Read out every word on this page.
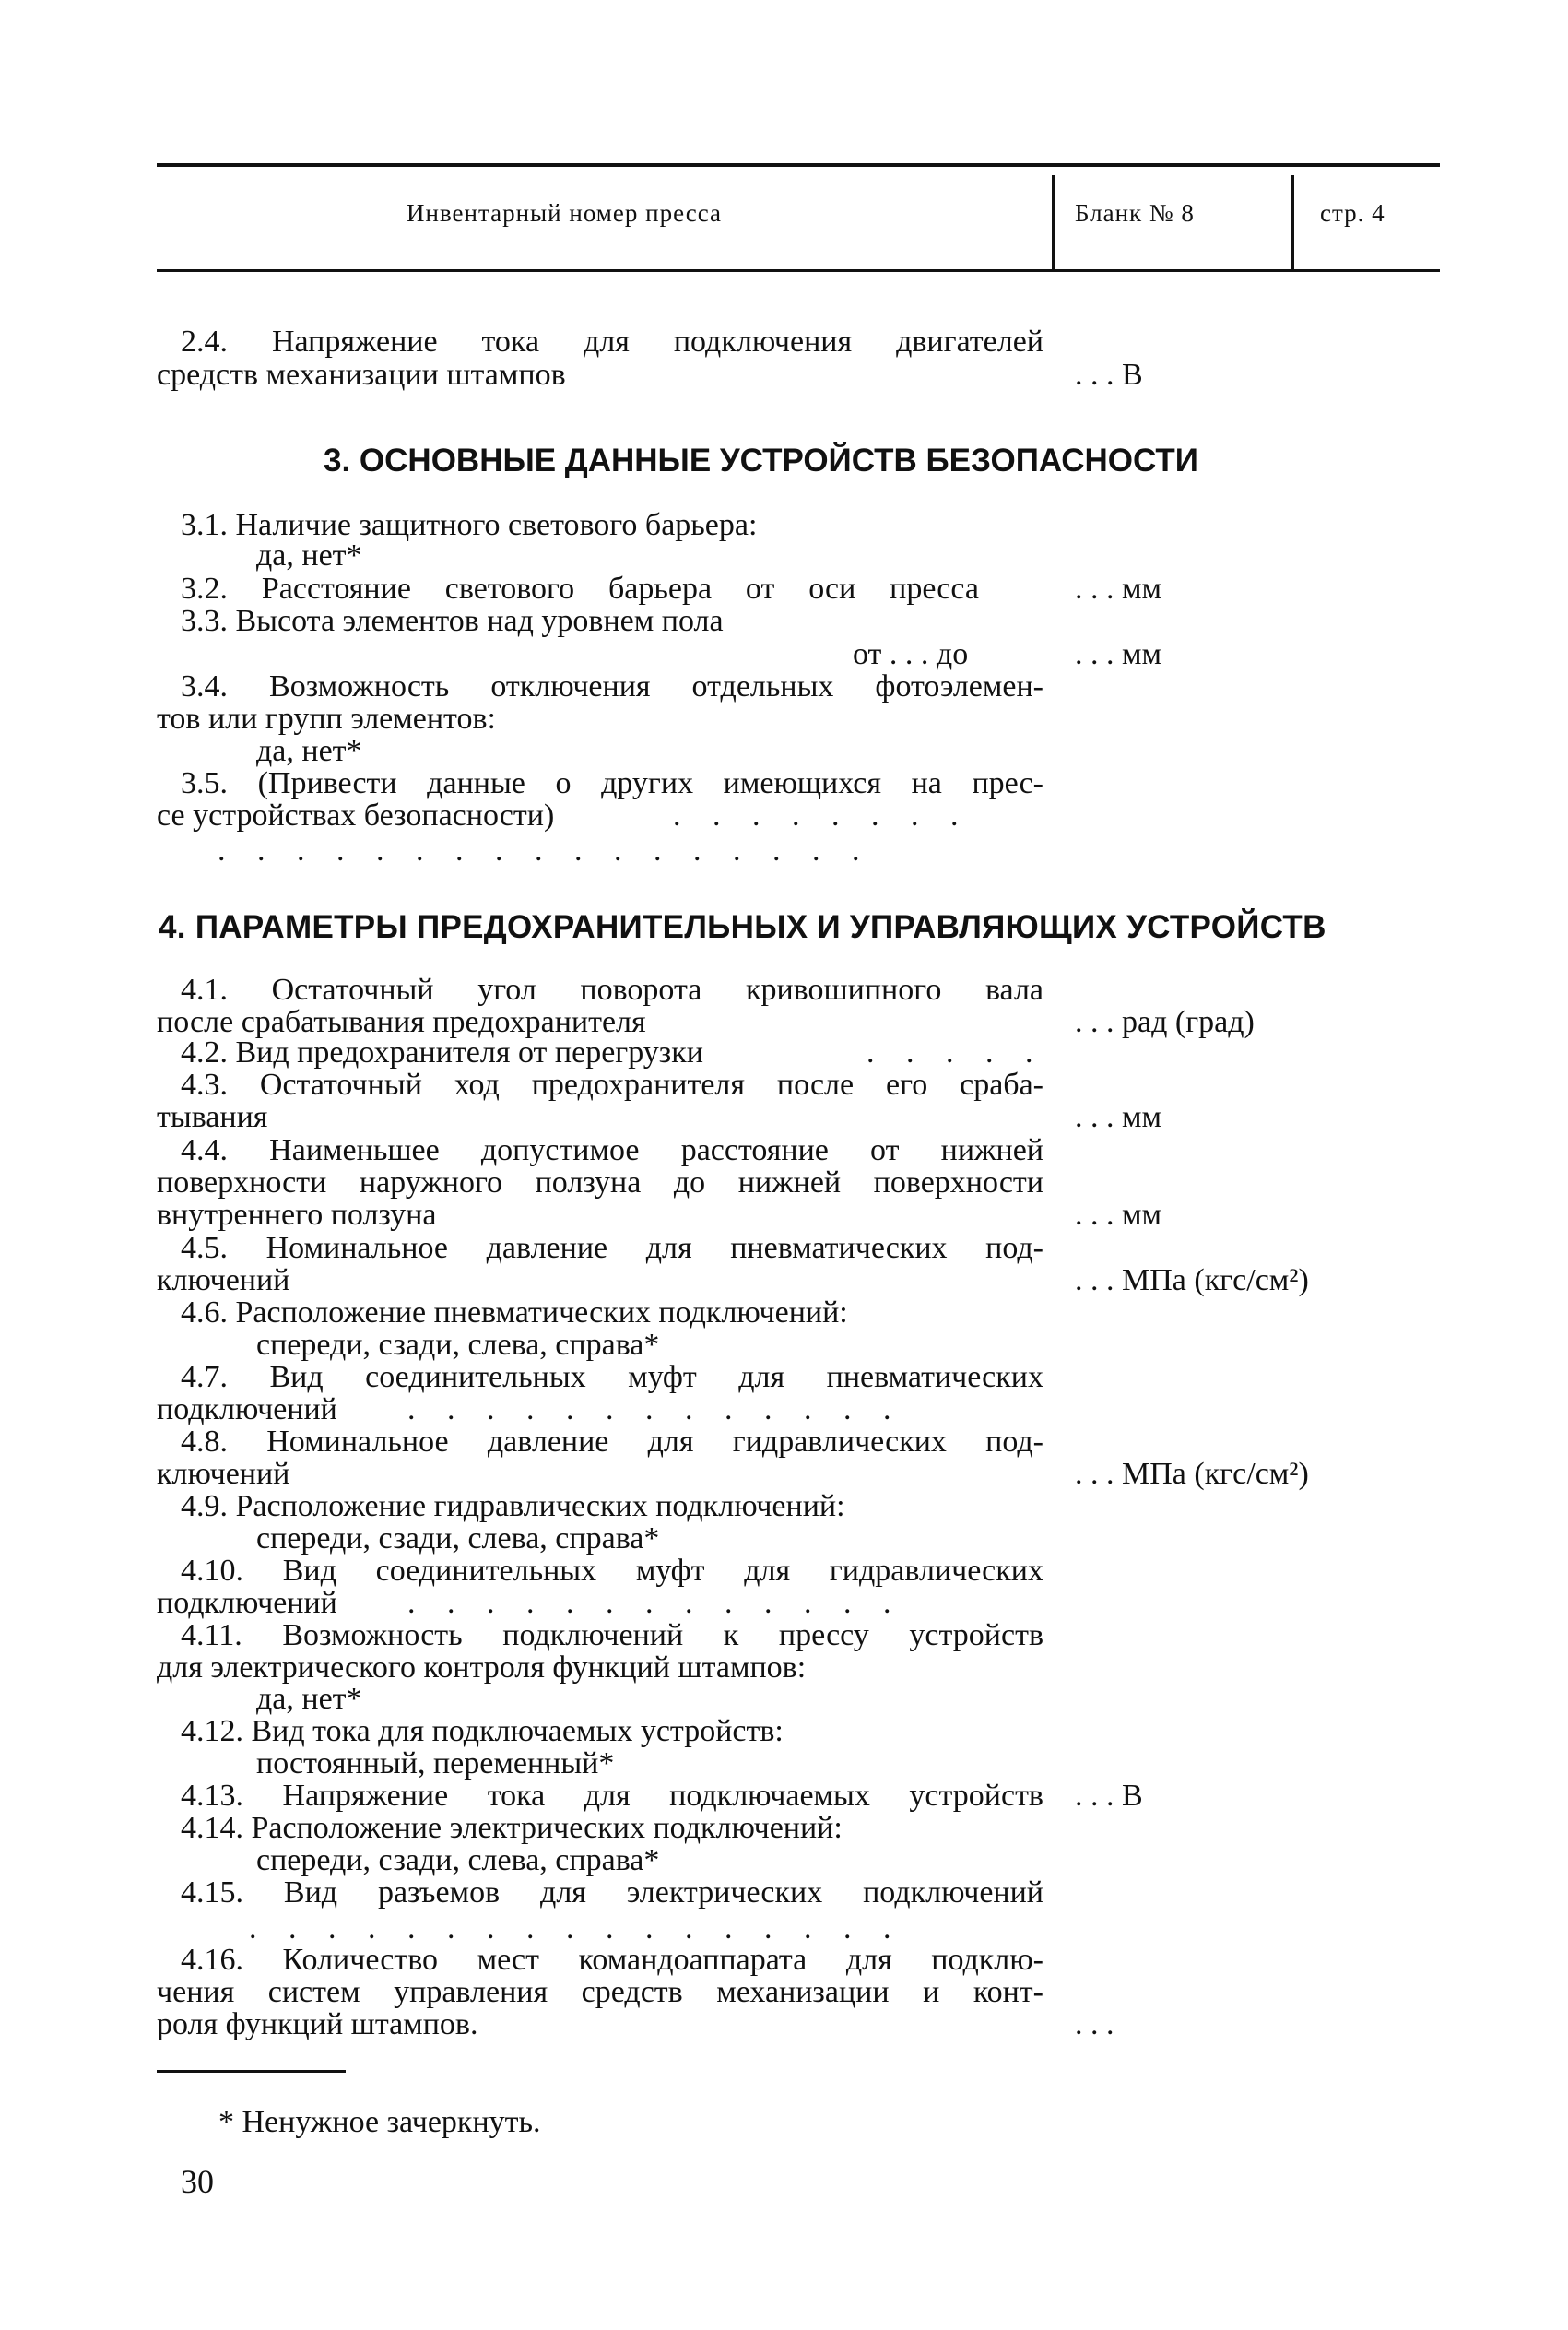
Инвентарный номер пресса	Бланк № 8	стр. 4
2.4. Напряжение тока для подключения двигателей
средств механизации штампов	. . . В
3. ОСНОВНЫЕ ДАННЫЕ УСТРОЙСТВ БЕЗОПАСНОСТИ
3.1. Наличие защитного светового барьера:
да, нет*
3.2. Расстояние светового барьера от оси пресса	. . . мм
3.3. Высота элементов над уровнем пола
от . . . до	. . . мм
3.4. Возможность отключения отдельных фотоэлемен-
тов или групп элементов:
да, нет*
3.5. (Привести данные о других имеющихся на прес-
се устройствах безопасности)	. . . . . . . .
. . . . . . . . . . . . . . . . .
4. ПАРАМЕТРЫ ПРЕДОХРАНИТЕЛЬНЫХ И УПРАВЛЯЮЩИХ УСТРОЙСТВ
4.1. Остаточный угол поворота кривошипного вала
после срабатывания предохранителя	. . . рад (град)
4.2. Вид предохранителя от перегрузки	. . . . .
4.3. Остаточный ход предохранителя после его сраба-
тывания	. . . мм
4.4. Наименьшее допустимое расстояние от нижней
поверхности наружного ползуна до нижней поверхности
внутреннего ползуна	. . . мм
4.5. Номинальное давление для пневматических под-
ключений	. . . МПа (кгс/см²)
4.6. Расположение пневматических подключений:
спереди, сзади, слева, справа*
4.7. Вид соединительных муфт для пневматических
подключений	. . . . . . . . . . . . .
4.8. Номинальное давление для гидравлических под-
ключений	. . . МПа (кгс/см²)
4.9. Расположение гидравлических подключений:
спереди, сзади, слева, справа*
4.10. Вид соединительных муфт для гидравлических
подключений	. . . . . . . . . . . . .
4.11. Возможность подключений к прессу устройств
для электрического контроля функций штампов:
да, нет*
4.12. Вид тока для подключаемых устройств:
постоянный, переменный*
4.13. Напряжение тока для подключаемых устройств . . . В
4.14. Расположение электрических подключений:
спереди, сзади, слева, справа*
4.15. Вид разъемов для электрических подключений
. . . . . . . . . . . . . . . . .
4.16. Количество мест командоаппарата для подклю-
чения систем управления средств механизации и конт-
роля функций штампов.	. . .
* Ненужное зачеркнуть.
30
